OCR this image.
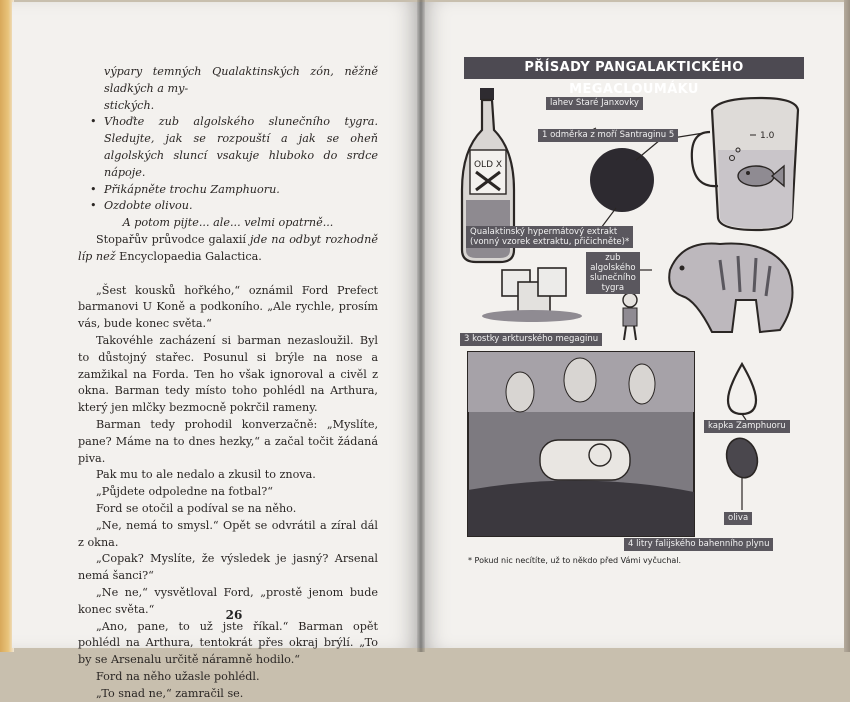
výpary temných Qualaktinských zón, něžně sladkých a my-

stických.

• Vhoďte zub algolského slunečního tygra. Sledujte, jak se rozpouští a jak se oheň algolských sluncí vsakuje hluboko do srdce nápoje.
• Přikápněte trochu Zamphuoru.
• Ozdobte olivou.

A potom pijte... ale... velmi opatrně...

Stopařův průvodce galaxií jde na odbyt rozhodně líp než Encyclopaedia Galactica.

„Šest kousků hořkého,“ oznámil Ford Prefect barmanovi U Koně a podkoního. „Ale rychle, prosím vás, bude konec světa.“

Takovéhle zacházení si barman nezasloužil. Byl to důstojný stařec. Posunul si brýle na nose a zamžikal na Forda. Ten ho však ignoroval a civěl z okna. Barman tedy místo toho pohlédl na Arthura, který jen mlčky bezmocně pokrčil rameny.

Barman tedy prohodil konverzačně: „Myslíte, pane? Máme na to dnes hezky,“ a začal točit žádaná piva.

Pak mu to ale nedalo a zkusil to znova.

„Půjdete odpoledne na fotbal?“

Ford se otočil a podíval se na něho.

„Ne, nemá to smysl.“ Opět se odvrátil a zíral dál z okna.

„Copak? Myslíte, že výsledek je jasný? Arsenal nemá šanci?“

„Ne ne,“ vysvětloval Ford, „prostě jenom bude konec světa.“

„Ano, pane, to už jste říkal.“ Barman opět pohlédl na Arthura, tentokrát přes okraj brýlí. „To by se Arsenalu určitě náramně hodilo.“

Ford na něho užasle pohlédl.

„To snad ne,“ zamračil se.

26
OLD X
1.0
PŘÍSADY PANGALAKTICKÉHO MEGACLOUMÁKU
lahev Staré Janxovky
1 odměrka z moří Santraginu 5
Qualaktinský hypermátový extrakt
(vonný vzorek extraktu, přičichněte)*
zub
algolského
slunečního
tygra
3 kostky arkturského megaginu
kapka Zamphuoru
oliva
4 litry falijského bahenního plynu
* Pokud nic necítíte, už to někdo před Vámi vyčuchal.
